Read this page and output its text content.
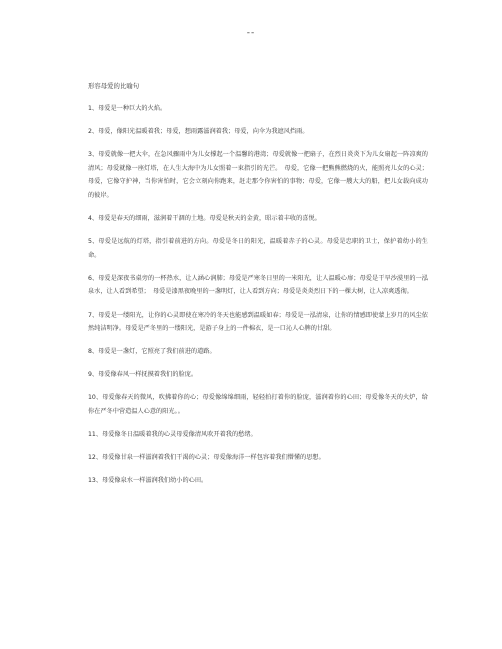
--

形容母爱的比喻句

1、母爱是一种巨大的火焰。

2、母爱，像阳光温暖着我；母爱，想雨露滋润着我；母爱，向伞为我遮风挡雨。

3、母爱就像一把大伞，在急风骤雨中为儿女撑起一个温馨的港湾；母爱就像一把扇子，在烈日炎炎下为儿女扇起一阵凉爽的清风；母爱就像一座灯塔，在人生大海中为儿女照着一束指引的光芒。　母爱，它像一把熊熊燃烧的火，能照亮儿女的心灵；母爱，它像守护神，当你害怕时，它会立刻向你跑来，赶走那令你害怕的事物；母爱，它像一艘大大的船，把儿女载向成功的彼岸。

4、母爱是春天的细雨，滋润着干涸的土地。母爱是秋天的金黄，昭示着丰收的喜悦。

5、母爱是远航的灯塔，指引着前进的方向。母爱是冬日的阳光，温暖着赤子的心灵。母爱是忠职的卫士，保护着幼小的生命。

6、母爱是深夜书桌旁的一杯热水，让人涵心润肺；母爱是严寒冬日里的一米阳光，让人温暖心扉；母爱是干旱沙漠里的一泓泉水，让人看到希望；　母爱是漆黑夜晚里的一盏明灯，让人看到方向；母爱是炎炎烈日下的一棵大树，让人凉爽透彻。

7、母爱是一缕阳光，让你的心灵即使在寒冷的冬天也能感到温暖如春；母爱是一泓清泉，让你的情感即使蒙上岁月的风尘依然纯洁明净。母爱是严冬里的一缕阳光，是游子身上的一件棉衣，是一口沁人心脾的甘甜。

8、母爱是一盏灯，它照亮了我们前进的道路。

9、母爱像春风一样抚摸着我们的脸庞。

10、母爱像春天的微风，吹拂着你的心；母爱像绵绵细雨，轻轻拍打着你的脸庞，滋润着你的心田；母爱像冬天的火炉，给你在严冬中营造温人心意的阳光。。

11、母爱像冬日温暖着我的心灵母爱像清风吹开着我的愁绪。

12、母爱像甘泉一样滋润着我们干渴的心灵；母爱像海洋一样包容着我们懵懂的思想。

13、母爱像泉水一样滋润我们幼小的心田。
